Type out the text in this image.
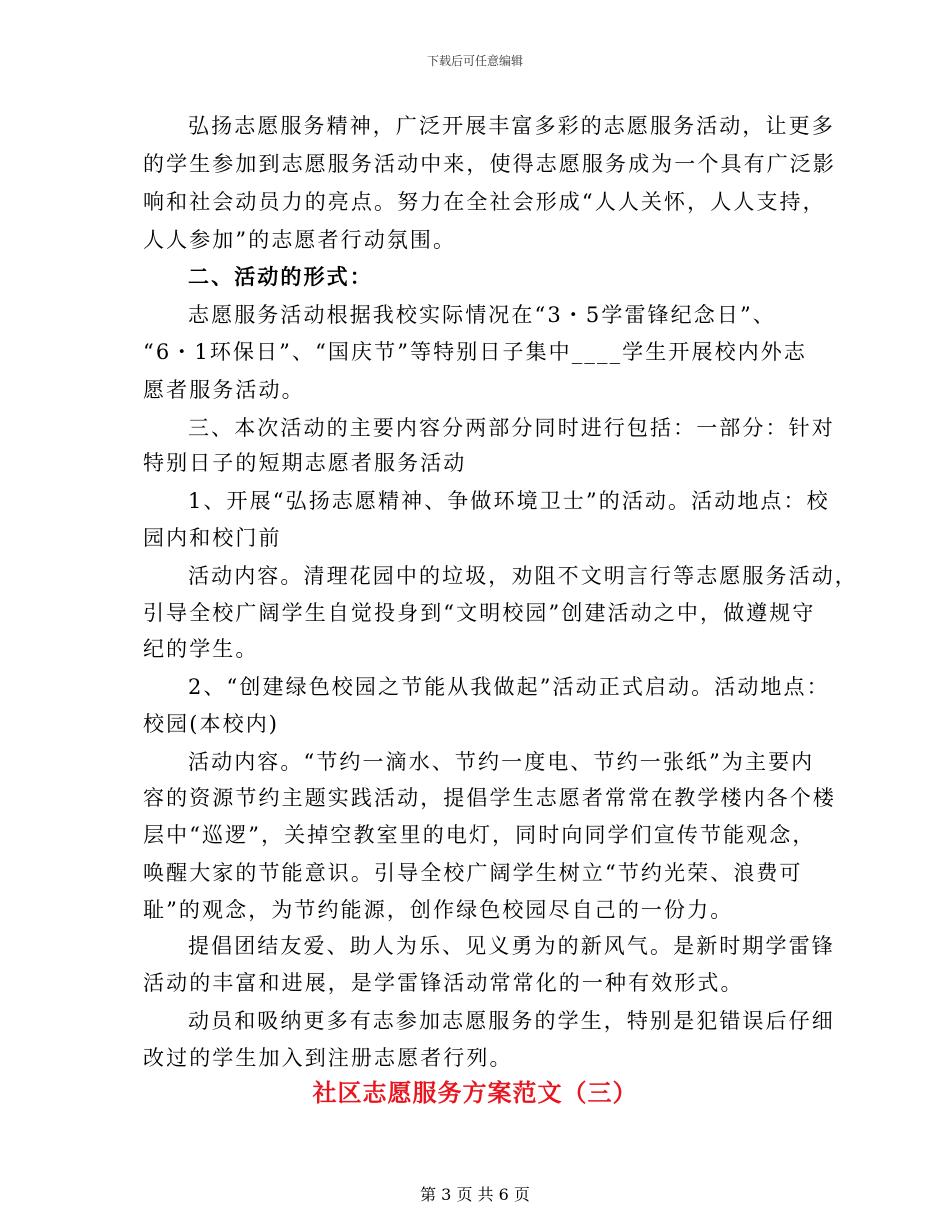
下载后可任意编辑
弘扬志愿服务精神，广泛开展丰富多彩的志愿服务活动，让更多
的学生参加到志愿服务活动中来，使得志愿服务成为一个具有广泛影
响和社会动员力的亮点。努力在全社会形成“人人关怀，人人支持，
人人参加”的志愿者行动氛围。
二、活动的形式：
志愿服务活动根据我校实际情况在“3・5学雷锋纪念日”、
“6・1环保日”、“国庆节”等特别日子集中____学生开展校内外志
愿者服务活动。
三、本次活动的主要内容分两部分同时进行包括：一部分：针对
特别日子的短期志愿者服务活动
1、开展“弘扬志愿精神、争做环境卫士”的活动。活动地点：校
园内和校门前
活动内容。清理花园中的垃圾，劝阻不文明言行等志愿服务活动，
引导全校广阔学生自觉投身到“文明校园”创建活动之中，做遵规守
纪的学生。
2、“创建绿色校园之节能从我做起”活动正式启动。活动地点：
校园(本校内)
活动内容。“节约一滴水、节约一度电、节约一张纸”为主要内
容的资源节约主题实践活动，提倡学生志愿者常常在教学楼内各个楼
层中“巡逻”，关掉空教室里的电灯，同时向同学们宣传节能观念，
唤醒大家的节能意识。引导全校广阔学生树立“节约光荣、浪费可
耻”的观念，为节约能源，创作绿色校园尽自己的一份力。
提倡团结友爱、助人为乐、见义勇为的新风气。是新时期学雷锋
活动的丰富和进展，是学雷锋活动常常化的一种有效形式。
动员和吸纳更多有志参加志愿服务的学生，特别是犯错误后仔细
改过的学生加入到注册志愿者行列。
社区志愿服务方案范文（三）
第 3 页 共 6 页
